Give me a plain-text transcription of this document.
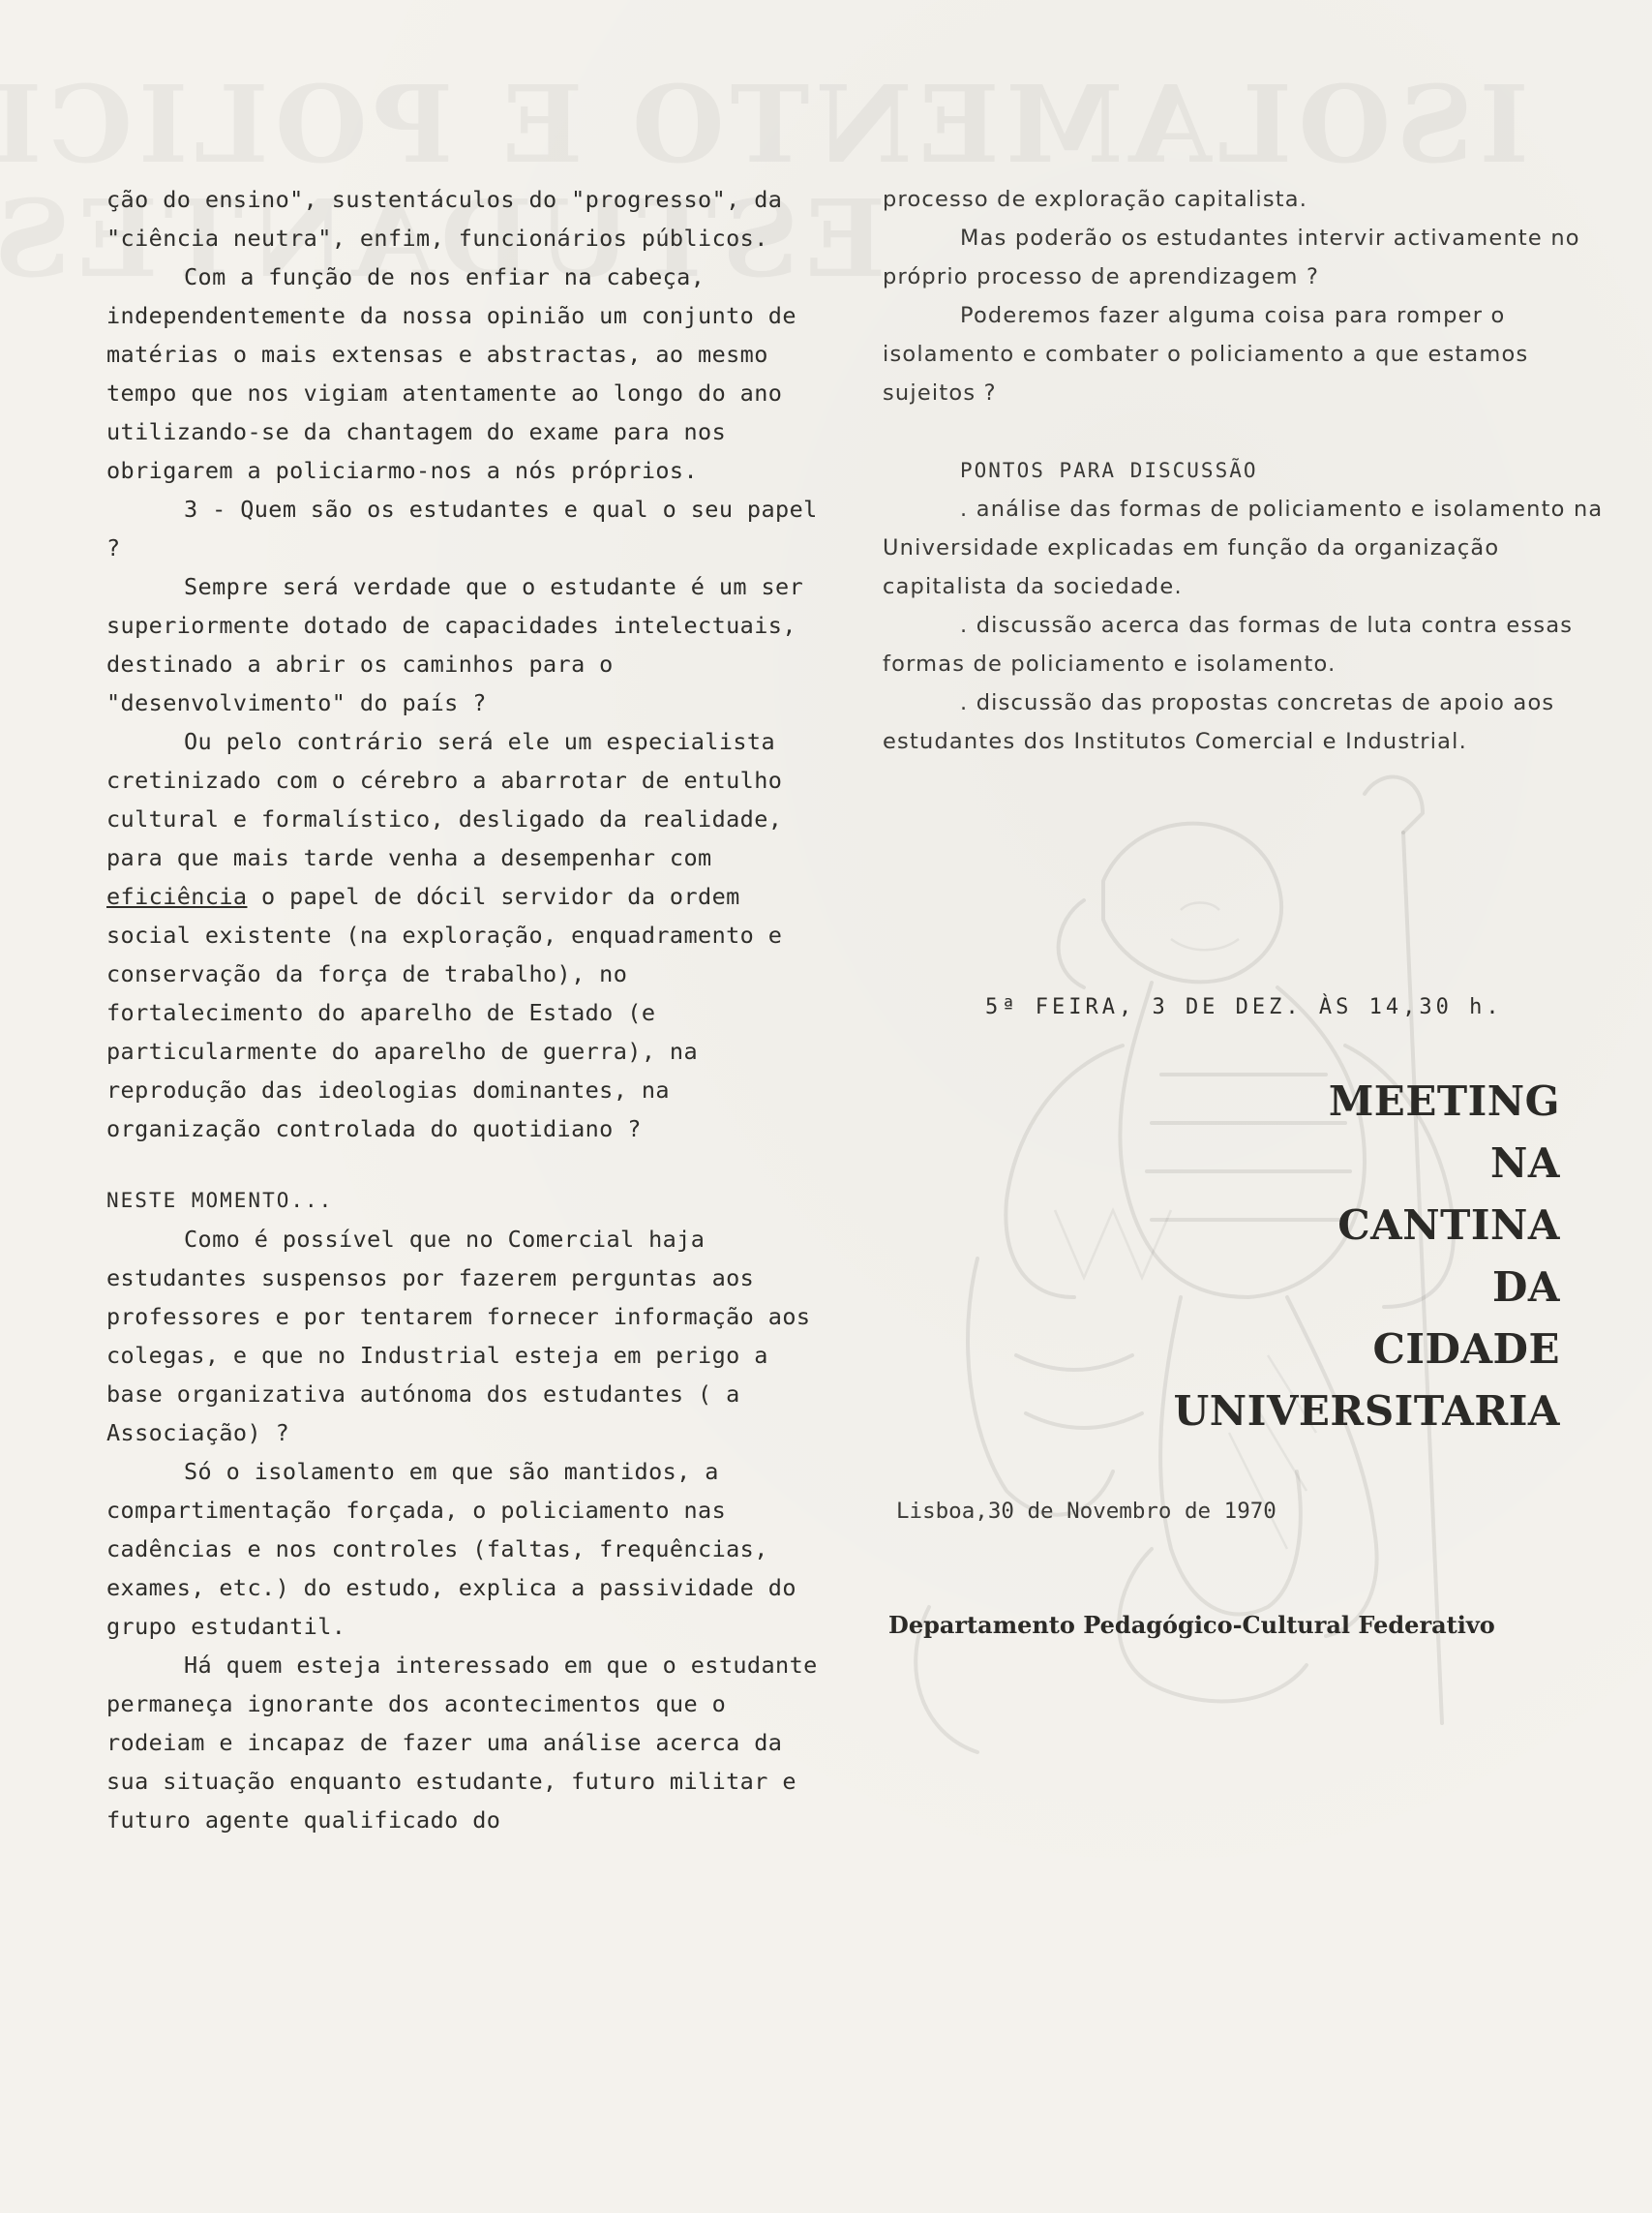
ção do ensino", sustentáculos do "progresso", da "ciência neutra", enfim, funcionários públicos.

Com a função de nos enfiar na cabeça, independentemente da nossa opinião um conjunto de matérias o mais extensas e abstractas, ao mesmo tempo que nos vigiam atentamente ao longo do ano utilizando-se da chantagem do exame para nos obrigarem a policiarmo-nos a nós próprios.

3 - Quem são os estudantes e qual o seu papel ?

Sempre será verdade que o estudante é um ser superiormente dotado de capacidades intelectuais, destinado a abrir os caminhos para o "desenvolvimento" do país ?

Ou pelo contrário será ele um especialista cretinizado com o cérebro a abarrotar de entulho cultural e formalístico, desligado da realidade, para que mais tarde venha a desempenhar com eficiência o papel de dócil servidor da ordem social existente (na exploração, enquadramento e conservação da força de trabalho), no fortalecimento do aparelho de Estado (e particularmente do aparelho de guerra), na reprodução das ideologias dominantes, na organização controlada do quotidiano ?

NESTE MOMENTO...

Como é possível que no Comercial haja estudantes suspensos por fazerem perguntas aos professores e por tentarem fornecer informação aos colegas, e que no Industrial esteja em perigo a base organizativa autónoma dos estudantes ( a Associação) ?

Só o isolamento em que são mantidos, a compartimentação forçada, o policiamento nas cadências e nos controles (faltas, frequências, exames, etc.) do estudo, explica a passividade do grupo estudantil.

Há quem esteja interessado em que o estudante permaneça ignorante dos acontecimentos que o rodeiam e incapaz de fazer uma análise acerca da sua situação enquanto estudante, futuro militar e futuro agente qualificado do

processo de exploração capitalista.

Mas poderão os estudantes intervir activamente no próprio processo de aprendizagem ?

Poderemos fazer alguma coisa para romper o isolamento e combater o policiamento a que estamos sujeitos ?

PONTOS PARA DISCUSSÃO

. análise das formas de policiamento e isolamento na Universidade explicadas em função da organização capitalista da sociedade.

. discussão acerca das formas de luta contra essas formas de policiamento e isolamento.

. discussão das propostas concretas de apoio aos estudantes dos Institutos Comercial e Industrial.

5ª FEIRA, 3 DE DEZ. ÀS 14,30 h.
MEETING
NA
CANTINA
DA
CIDADE
UNIVERSITARIA
Lisboa,30 de Novembro de 1970
Departamento Pedagógico-Cultural Federativo
